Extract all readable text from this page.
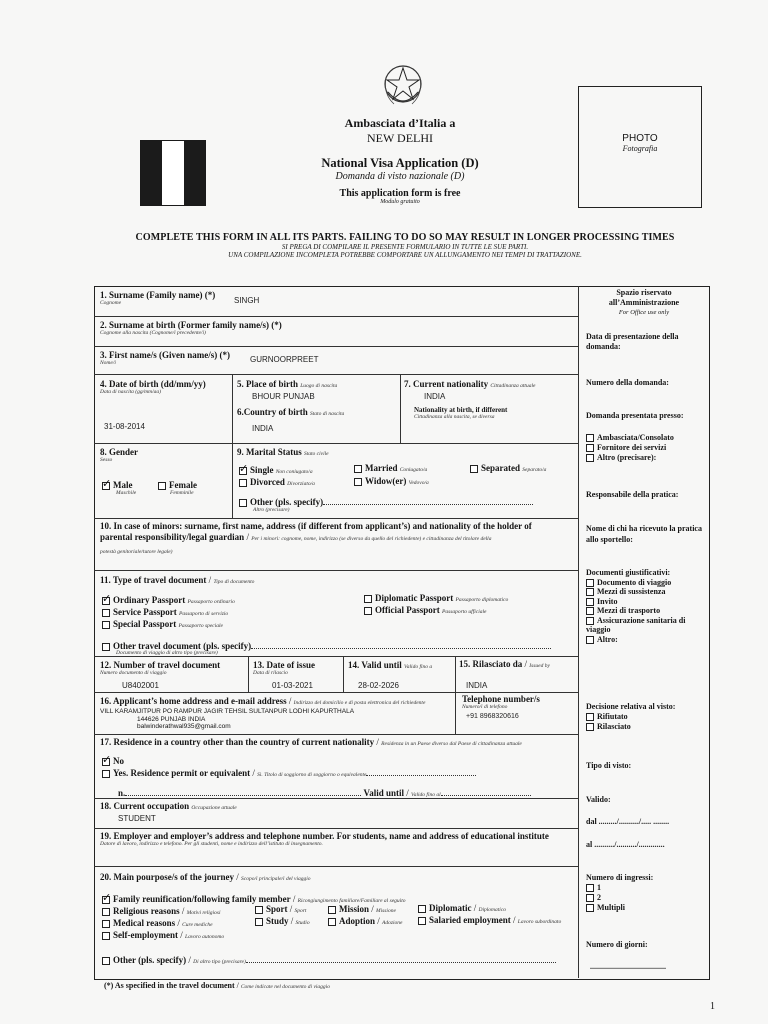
Ambasciata d’Italia a
NEW DELHI
National Visa Application (D)
Domanda di visto nazionale (D)
This application form is free
Modulo gratuito
PHOTO
Fotografia
COMPLETE THIS FORM IN ALL ITS PARTS. FAILING TO DO SO MAY RESULT IN LONGER PROCESSING TIMES
SI PREGA DI COMPILARE IL PRESENTE FORMULARIO IN TUTTE LE SUE PARTI.
UNA COMPILAZIONE INCOMPLETA POTREBBE COMPORTARE UN ALLUNGAMENTO NEI TEMPI DI TRATTAZIONE.
1. Surname (Family name) (*)
Cognome	SINGH
2. Surname at birth (Former family name/s) (*)
Cognome alla nascita (Cognome/i precedente/i)
3. First name/s (Given name/s) (*)
Nome/i	GURNOORPREET
4. Date of birth (dd/mm/yy)
Data di nascita (gg/mm/aa)
31-08-2014
5. Place of birth Luogo di nascita
BHOUR PUNJAB
6.Country of birth Stato di nascita
INDIA
7. Current nationality Cittadinanza attuale
INDIA
Nationality at birth, if different
Cittadinanza alla nascita, se diversa
8. Gender
Sesso
✓Male
Maschile
Female
Femminile
9. Marital Status Stato civile
✓Single Non coniugato/a	Married Coniugato/a	Separated Separato/a
Divorced Divorziato/a	Widow(er) Vedovo/a
Other (pls. specify)
Altro (precisare)
10. In case of minors: surname, first name, address (if different from applicant’s) and nationality of the holder of
parental responsibility/legal guardian / Per i minori: cognome, nome, indirizzo (se diverso da quello del richiedente) e cittadinanza del titolare della
potestà genitoriale/tutore legale)
11. Type of travel document / Tipo di documento
✓Ordinary Passport Passaporto ordinario
Service Passport Passaporto di servizio
Special Passport Passaporto speciale
Diplomatic Passport Passaporto diplomatico
Official Passport Passaporto ufficiale
Other travel document (pls. specify)
Documento di viaggio di altro tipo (precisare)
12. Number of travel document
Numero documento di viaggio
U8402001
13. Date of issue
Data di rilascio
01-03-2021
14. Valid until Valido fino a
28-02-2026
15. Rilasciato da / Issued by
INDIA
16. Applicant’s home address and e-mail address / Indirizzo del domicilio e di posta elettronica del richiedente
VILL KARAMJITPUR PO RAMPUR JAGIR TEHSIL SULTANPUR LODHI KAPURTHALA
144626 PUNJAB INDIA
balwinderathwal935@gmail.com
Telephone number/s
Numero/i di telefono
+91 8968320616
17. Residence in a country other than the country of current nationality / Residenza in un Paese diverso dal Paese di cittadinanza attuale
✓No
Yes. Residence permit or equivalent / Sì. Titolo di soggiorno di soggiorno o equivalente
n.	Valid until / Valido fino al
18. Current occupation Occupazione attuale
STUDENT
19. Employer and employer’s address and telephone number. For students, name and address of educational institute
Datore di lavoro, indirizzo e telefono. Per gli studenti, nome e indirizzo dell’istituto di insegnamento.
20. Main pourpose/s of the journey / Scopo/i principale/i del viaggio
✓Family reunification/following family member / Ricongiungimento familiare/Familiare al seguito
Religious reasons / Motivi religiosi	Sport / Sport	Mission / Missione	Diplomatic / Diplomatico
Medical reasons / Cure mediche	Study / Studio	Adoption / Adozione	Salaried employment / Lavoro subordinato
Self-employment / Lavoro autonomo
Other (pls. specify) / Di altro tipo (precisare)
Spazio riservato
all’Amministrazione
For Office use only
Data di presentazione della domanda:
Numero della domanda:
Domanda presentata presso:
Ambasciata/Consolato
Fornitore dei servizi
Altro (precisare):
Responsabile della pratica:
Nome di chi ha ricevuto la pratica allo sportello:
Documenti giustificativi:
Documento di viaggio
Mezzi di sussistenza
Invito
Mezzi di trasporto
Assicurazione sanitaria di viaggio
Altro:
Decisione relativa al visto:
Rifiutato
Rilasciato
Tipo di visto:
Valido:
dal ........./........../..... ........
al ........../........../.............
Numero di ingressi:
1
2
Multipli
Numero di giorni:
......................................
(*) As specified in the travel document / Come indicate nel documento di viaggio
1
